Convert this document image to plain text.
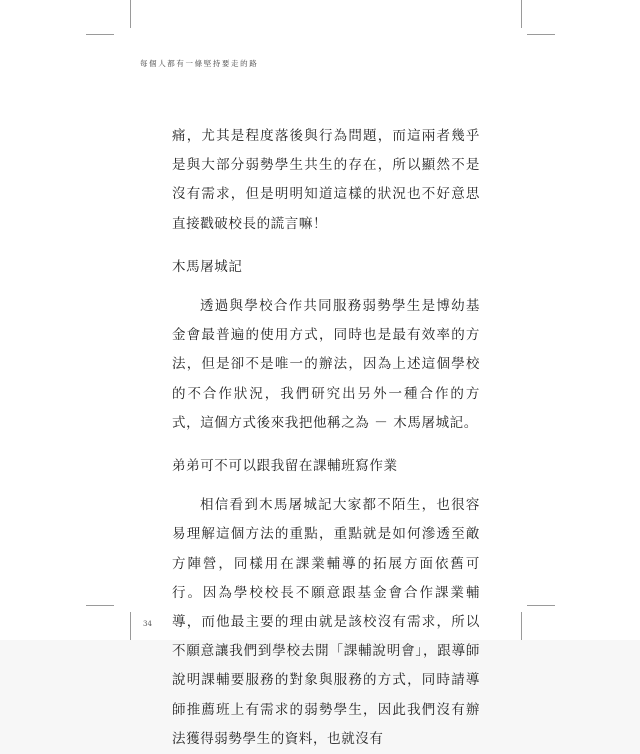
每個人都有一條堅持要走的路

痛，尤其是程度落後與行為問題，而這兩者幾乎是與大部分弱勢學生共生的存在，所以顯然不是沒有需求，但是明明知道這樣的狀況也不好意思直接戳破校長的謊言嘛！

木馬屠城記

透過與學校合作共同服務弱勢學生是博幼基金會最普遍的使用方式，同時也是最有效率的方法，但是卻不是唯一的辦法，因為上述這個學校的不合作狀況，我們研究出另外一種合作的方式，這個方式後來我把他稱之為 － 木馬屠城記。

弟弟可不可以跟我留在課輔班寫作業

相信看到木馬屠城記大家都不陌生，也很容易理解這個方法的重點，重點就是如何滲透至敵方陣營，同樣用在課業輔導的拓展方面依舊可行。因為學校校長不願意跟基金會合作課業輔導，而他最主要的理由就是該校沒有需求，所以不願意讓我們到學校去開「課輔說明會」，跟導師說明課輔要服務的對象與服務的方式，同時請導師推薦班上有需求的弱勢學生，因此我們沒有辦法獲得弱勢學生的資料，也就沒有

34
